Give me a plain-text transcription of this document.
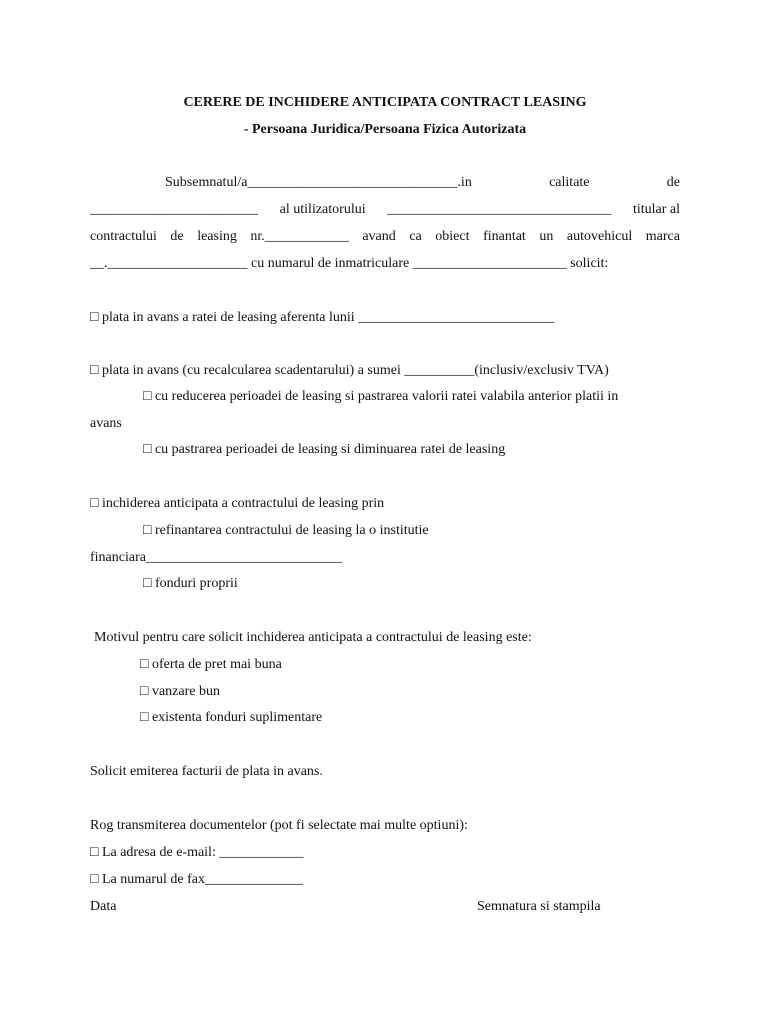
CERERE DE INCHIDERE ANTICIPATA CONTRACT LEASING
- Persoana Juridica/Persoana Fizica Autorizata
Subsemnatul/a______________________________.in	calitate	de
________________________ al utilizatorului ________________________________ titular al
contractului de leasing nr.____________ avand ca obiect finantat un autovehicul marca
__.____________________ cu numarul de inmatriculare ______________________ solicit:
□ plata in avans a ratei de leasing aferenta lunii ____________________________
□ plata in avans (cu recalcularea scadentarului) a sumei __________(inclusiv/exclusiv TVA)
□ cu reducerea perioadei de leasing si pastrarea valorii ratei valabila anterior platii in
avans
□ cu pastrarea perioadei de leasing si diminuarea ratei de leasing
□ inchiderea anticipata a contractului de leasing prin
□ refinantarea contractului de leasing la o institutie
financiara____________________________
□ fonduri proprii
Motivul pentru care solicit inchiderea anticipata a contractului de leasing este:
□ oferta de pret mai buna
□ vanzare bun
□ existenta fonduri suplimentare
Solicit emiterea facturii de plata in avans.
Rog transmiterea documentelor (pot fi selectate mai multe optiuni):
□ La adresa de e-mail: ____________
□ La numarul de fax______________
Data	Semnatura si stampila
